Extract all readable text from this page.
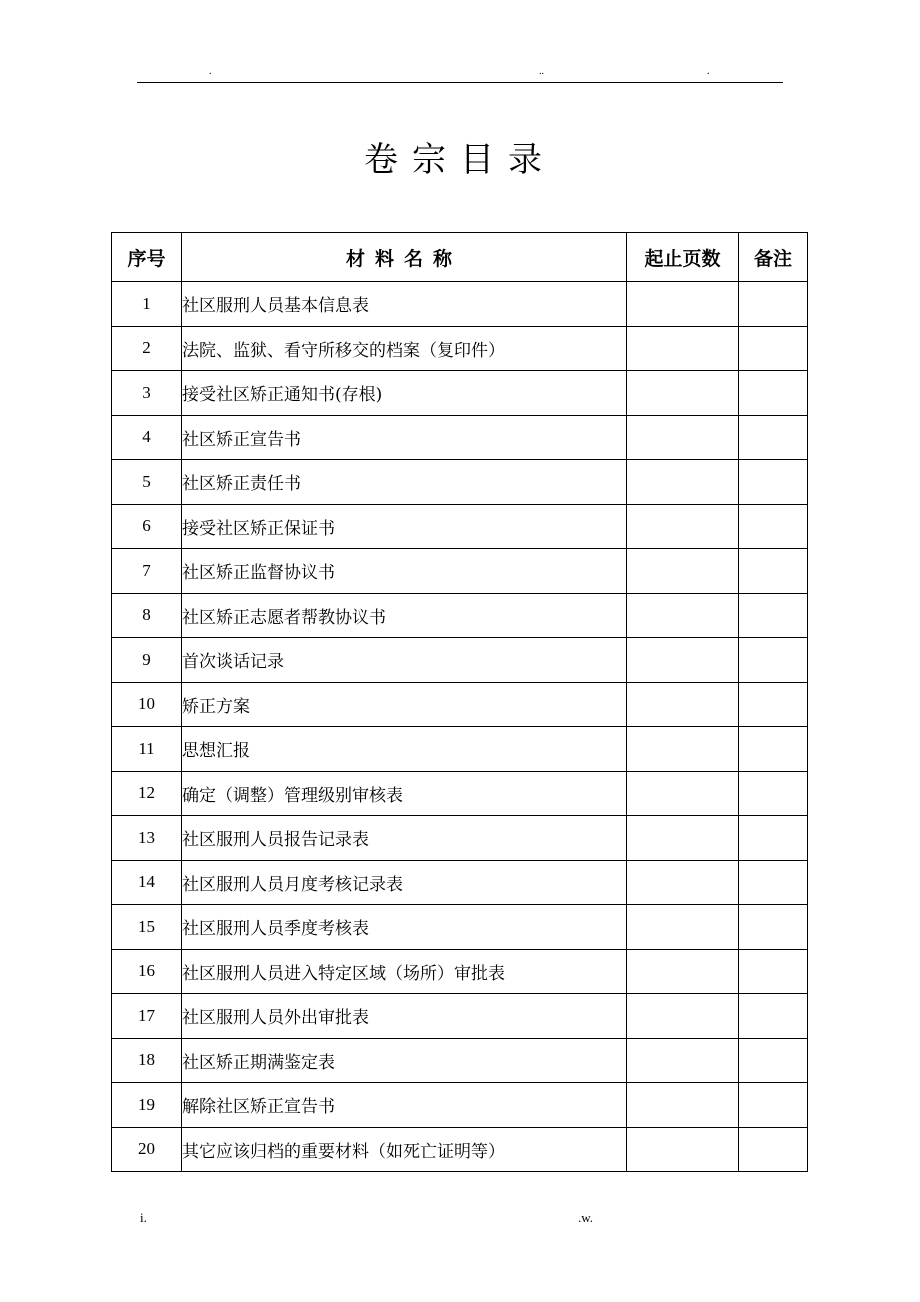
.	..	.
卷宗目录
序号	材料名称	起止页数	备注
1	社区服刑人员基本信息表		
2	法院、监狱、看守所移交的档案（复印件）		
3	接受社区矫正通知书(存根)		
4	社区矫正宣告书		
5	社区矫正责任书		
6	接受社区矫正保证书		
7	社区矫正监督协议书		
8	社区矫正志愿者帮教协议书		
9	首次谈话记录		
10	矫正方案		
11	思想汇报		
12	确定（调整）管理级别审核表		
13	社区服刑人员报告记录表		
14	社区服刑人员月度考核记录表		
15	社区服刑人员季度考核表		
16	社区服刑人员进入特定区域（场所）审批表		
17	社区服刑人员外出审批表		
18	社区矫正期满鉴定表		
19	解除社区矫正宣告书		
20	其它应该归档的重要材料（如死亡证明等）		
i.	.w.
